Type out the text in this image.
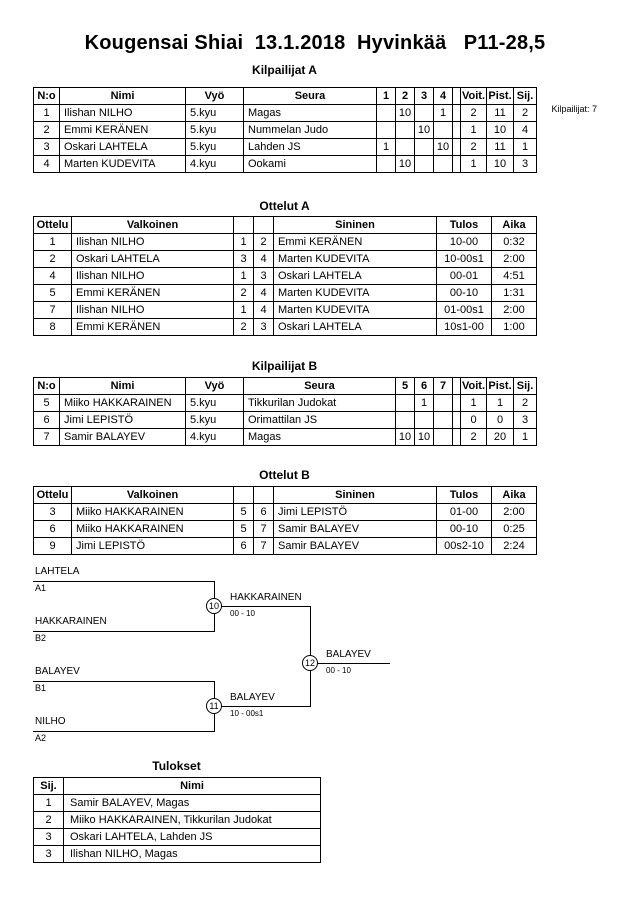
Kougensai Shiai  13.1.2018  Hyvinkää   P11-28,5
Kilpailijat A
Kilpailijat: 7
N:o	Nimi	Vyö	Seura	1	2	3	4		Voit.	Pist.	Sij.
1	Ilishan NILHO	5.kyu	Magas		10		1		2	11	2
2	Emmi KERÄNEN	5.kyu	Nummelan Judo			10			1	10	4
3	Oskari LAHTELA	5.kyu	Lahden JS	1			10		2	11	1
4	Marten KUDEVITA	4.kyu	Ookami		10				1	10	3
Ottelut A
Ottelu	Valkoinen			Sininen	Tulos	Aika
1	Ilishan NILHO	1	2	Emmi KERÄNEN	10-00	0:32
2	Oskari LAHTELA	3	4	Marten KUDEVITA	10-00s1	2:00
4	Ilishan NILHO	1	3	Oskari LAHTELA	00-01	4:51
5	Emmi KERÄNEN	2	4	Marten KUDEVITA	00-10	1:31
7	Ilishan NILHO	1	4	Marten KUDEVITA	01-00s1	2:00
8	Emmi KERÄNEN	2	3	Oskari LAHTELA	10s1-00	1:00
Kilpailijat B
N:o	Nimi	Vyö	Seura	5	6	7		Voit.	Pist.	Sij.
5	Miiko HAKKARAINEN	5.kyu	Tikkurilan Judokat		1			1	1	2
6	Jimi LEPISTÖ	5.kyu	Orimattilan JS					0	0	3
7	Samir BALAYEV	4.kyu	Magas	10	10			2	20	1
Ottelut B
Ottelu	Valkoinen			Sininen	Tulos	Aika
3	Miiko HAKKARAINEN	5	6	Jimi LEPISTÖ	01-00	2:00
6	Miiko HAKKARAINEN	5	7	Samir BALAYEV	00-10	0:25
9	Jimi LEPISTÖ	6	7	Samir BALAYEV	00s2-10	2:24
LAHTELA
A1
HAKKARAINEN
B2
10
HAKKARAINEN
00 - 10
BALAYEV
B1
NILHO
A2
11
BALAYEV
10 - 00s1
12
BALAYEV
00 - 10
Tulokset
Sij.	Nimi
1	Samir BALAYEV, Magas
2	Miiko HAKKARAINEN, Tikkurilan Judokat
3	Oskari LAHTELA, Lahden JS
3	Ilishan NILHO, Magas
